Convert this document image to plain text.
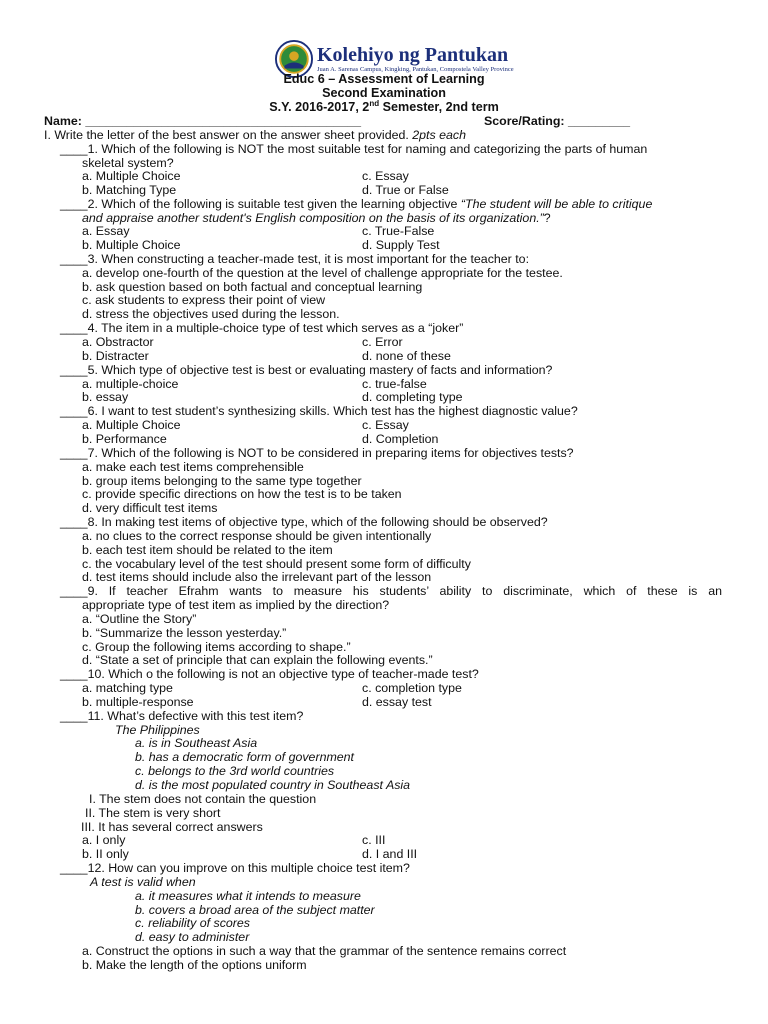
Kolehiyo ng Pantukan
Juan A. Sarenas Campus, Kingking, Pantukan, Compostela Valley Province
Educ 6 – Assessment of Learning
Second Examination
S.Y. 2016-2017, 2nd Semester, 2nd term
Name: ________________________________________	Score/Rating: _________
I. Write the letter of the best answer on the answer sheet provided. 2pts each
____1. Which of the following is NOT the most suitable test for naming and categorizing the parts of human
skeletal system?
a. Multiple Choice	c. Essay
b. Matching Type	d. True or False
____2. Which of the following is suitable test given the learning objective “The student will be able to critique
and appraise another student's English composition on the basis of its organization.”?
a. Essay	c. True-False
b. Multiple Choice	d. Supply Test
____3. When constructing a teacher-made test, it is most important for the teacher to:
a. develop one-fourth of the question at the level of challenge appropriate for the testee.
b. ask question based on both factual and conceptual learning
c. ask students to express their point of view
d. stress the objectives used during the lesson.
____4. The item in a multiple-choice type of test which serves as a “joker”
a. Obstractor	c. Error
b. Distracter	d. none of these
____5. Which type of objective test is best or evaluating mastery of facts and information?
a. multiple-choice	c. true-false
b. essay	d. completing type
____6. I want to test student’s synthesizing skills. Which test has the highest diagnostic value?
a. Multiple Choice	c. Essay
b. Performance	d. Completion
____7. Which of the following is NOT to be considered in preparing items for objectives tests?
a. make each test items comprehensible
b. group items belonging to the same type together
c. provide specific directions on how the test is to be taken
d. very difficult test items
____8. In making test items of objective type, which of the following should be observed?
a. no clues to the correct response should be given intentionally
b. each test item should be related to the item
c. the vocabulary level of the test should present some form of difficulty
d. test items should include also the irrelevant part of the lesson
____9. If teacher Efrahm wants to measure his students’ ability to discriminate, which of these is an
appropriate type of test item as implied by the direction?
a. “Outline the Story”
b. “Summarize the lesson yesterday.”
c. Group the following items according to shape.”
d. “State a set of principle that can explain the following events.”
____10. Which o the following is not an objective type of teacher-made test?
a. matching type	c. completion type
b. multiple-response	d. essay test
____11. What’s defective with this test item?
The Philippines
a. is in Southeast Asia
b. has a democratic form of government
c. belongs to the 3rd world countries
d. is the most populated country in Southeast Asia
I. The stem does not contain the question
II. The stem is very short
III. It has several correct answers
a. I only	c. III
b. II only	d. I and III
____12. How can you improve on this multiple choice test item?
A test is valid when
a. it measures what it intends to measure
b. covers a broad area of the subject matter
c. reliability of scores
d. easy to administer
a. Construct the options in such a way that the grammar of the sentence remains correct
b. Make the length of the options uniform
